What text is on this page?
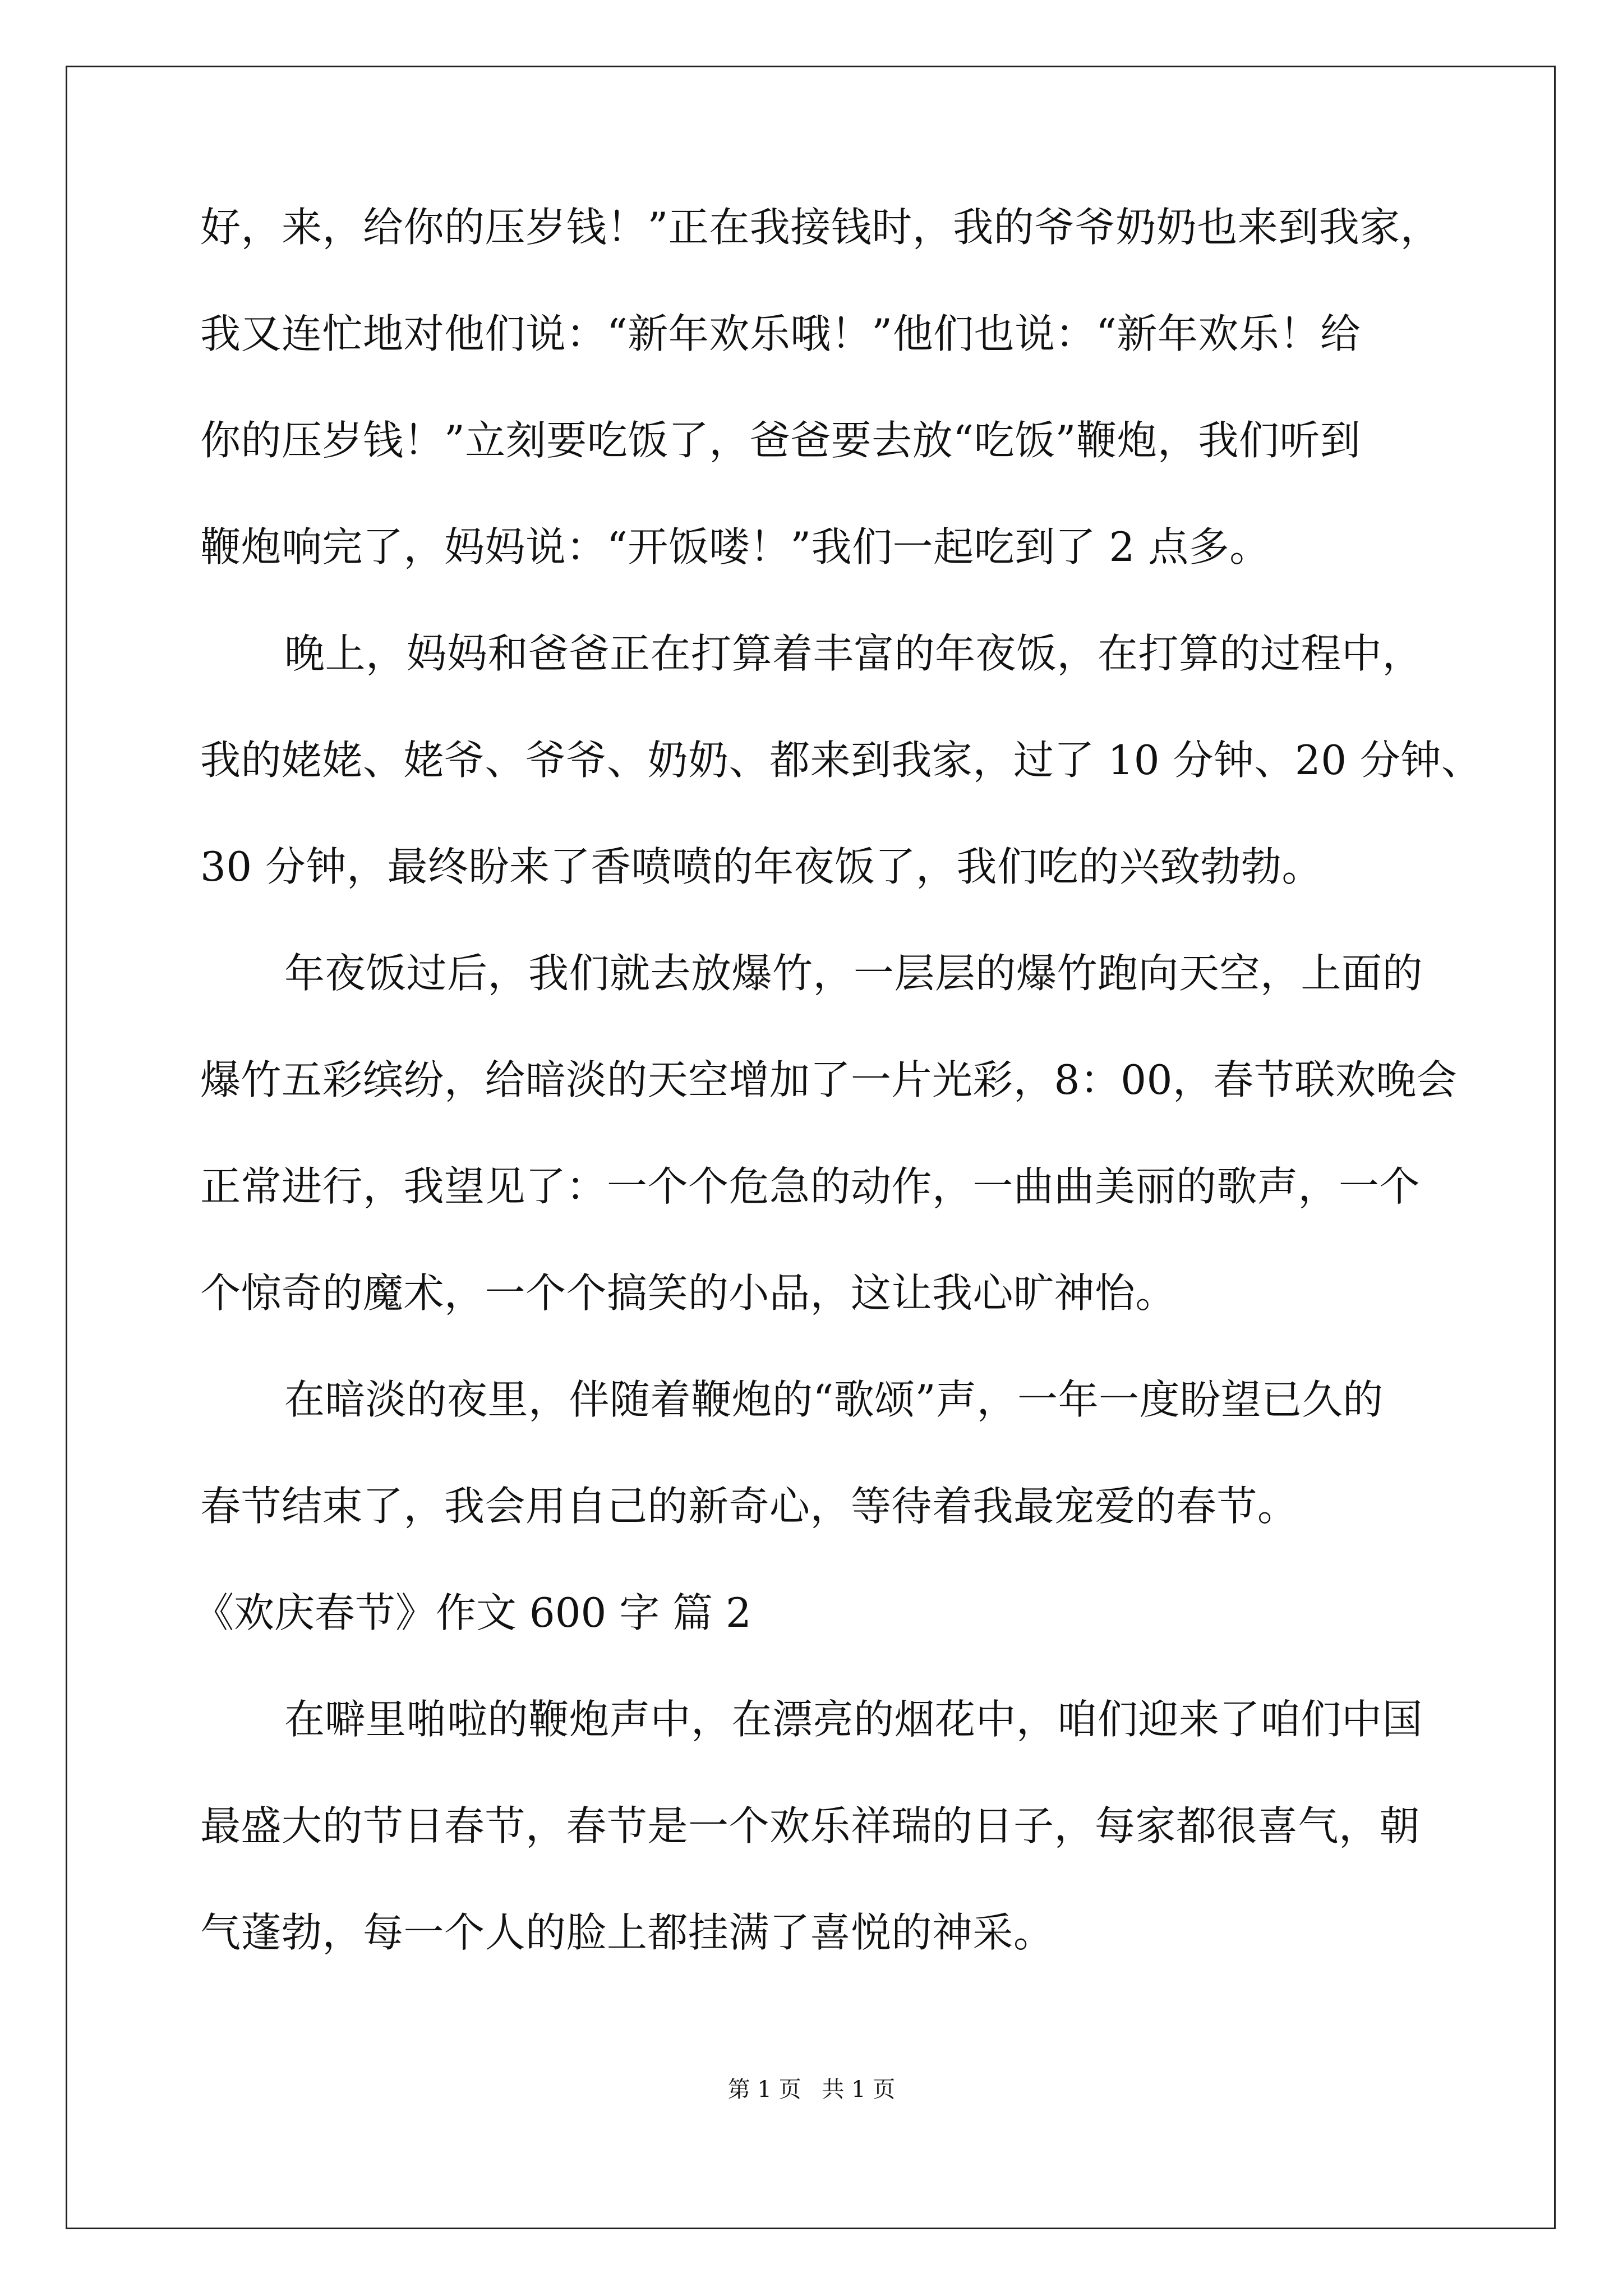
好，来，给你的压岁钱！”正在我接钱时，我的爷爷奶奶也来到我家，
我又连忙地对他们说：“新年欢乐哦！”他们也说：“新年欢乐！给
你的压岁钱！”立刻要吃饭了，爸爸要去放“吃饭”鞭炮，我们听到
鞭炮响完了，妈妈说：“开饭喽！”我们一起吃到了 2 点多。
晚上，妈妈和爸爸正在打算着丰富的年夜饭，在打算的过程中，
我的姥姥、姥爷、爷爷、奶奶、都来到我家，过了 10 分钟、20 分钟、
30 分钟，最终盼来了香喷喷的年夜饭了，我们吃的兴致勃勃。
年夜饭过后，我们就去放爆竹，一层层的爆竹跑向天空，上面的
爆竹五彩缤纷，给暗淡的天空增加了一片光彩，8：00，春节联欢晚会
正常进行，我望见了：一个个危急的动作，一曲曲美丽的歌声，一个
个惊奇的魔术，一个个搞笑的小品，这让我心旷神怡。
在暗淡的夜里，伴随着鞭炮的“歌颂”声，一年一度盼望已久的
春节结束了，我会用自己的新奇心，等待着我最宠爱的春节。
《欢庆春节》作文 600 字 篇 2
在噼里啪啦的鞭炮声中，在漂亮的烟花中，咱们迎来了咱们中国
最盛大的节日春节，春节是一个欢乐祥瑞的日子，每家都很喜气，朝
气蓬勃，每一个人的脸上都挂满了喜悦的神采。
第 1 页 共 1 页
